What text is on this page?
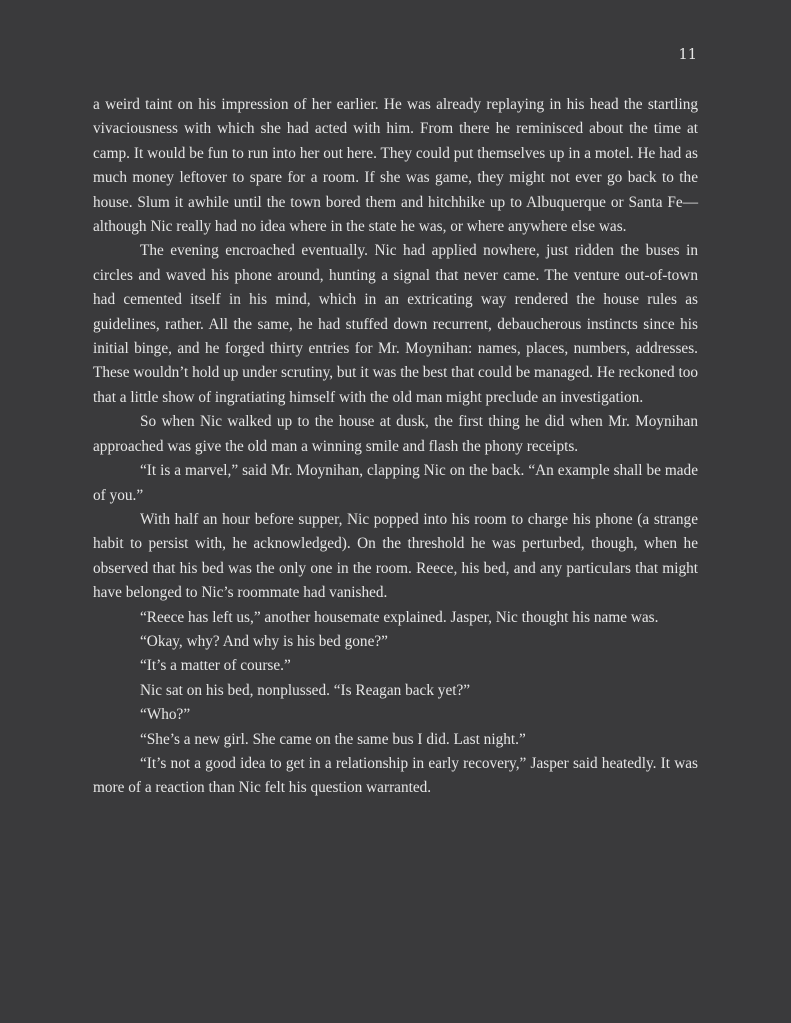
11

a weird taint on his impression of her earlier. He was already replaying in his head the startling vivaciousness with which she had acted with him. From there he reminisced about the time at camp. It would be fun to run into her out here. They could put themselves up in a motel. He had as much money leftover to spare for a room. If she was game, they might not ever go back to the house. Slum it awhile until the town bored them and hitchhike up to Albuquerque or Santa Fe—although Nic really had no idea where in the state he was, or where anywhere else was.

The evening encroached eventually. Nic had applied nowhere, just ridden the buses in circles and waved his phone around, hunting a signal that never came. The venture out-of-town had cemented itself in his mind, which in an extricating way rendered the house rules as guidelines, rather. All the same, he had stuffed down recurrent, debaucherous instincts since his initial binge, and he forged thirty entries for Mr. Moynihan: names, places, numbers, addresses. These wouldn’t hold up under scrutiny, but it was the best that could be managed. He reckoned too that a little show of ingratiating himself with the old man might preclude an investigation.

So when Nic walked up to the house at dusk, the first thing he did when Mr. Moynihan approached was give the old man a winning smile and flash the phony receipts.

“It is a marvel,” said Mr. Moynihan, clapping Nic on the back. “An example shall be made of you.”

With half an hour before supper, Nic popped into his room to charge his phone (a strange habit to persist with, he acknowledged). On the threshold he was perturbed, though, when he observed that his bed was the only one in the room. Reece, his bed, and any particulars that might have belonged to Nic’s roommate had vanished.

“Reece has left us,” another housemate explained. Jasper, Nic thought his name was.

“Okay, why? And why is his bed gone?”

“It’s a matter of course.”

Nic sat on his bed, nonplussed. “Is Reagan back yet?”

“Who?”

“She’s a new girl. She came on the same bus I did. Last night.”

“It’s not a good idea to get in a relationship in early recovery,” Jasper said heatedly. It was more of a reaction than Nic felt his question warranted.
